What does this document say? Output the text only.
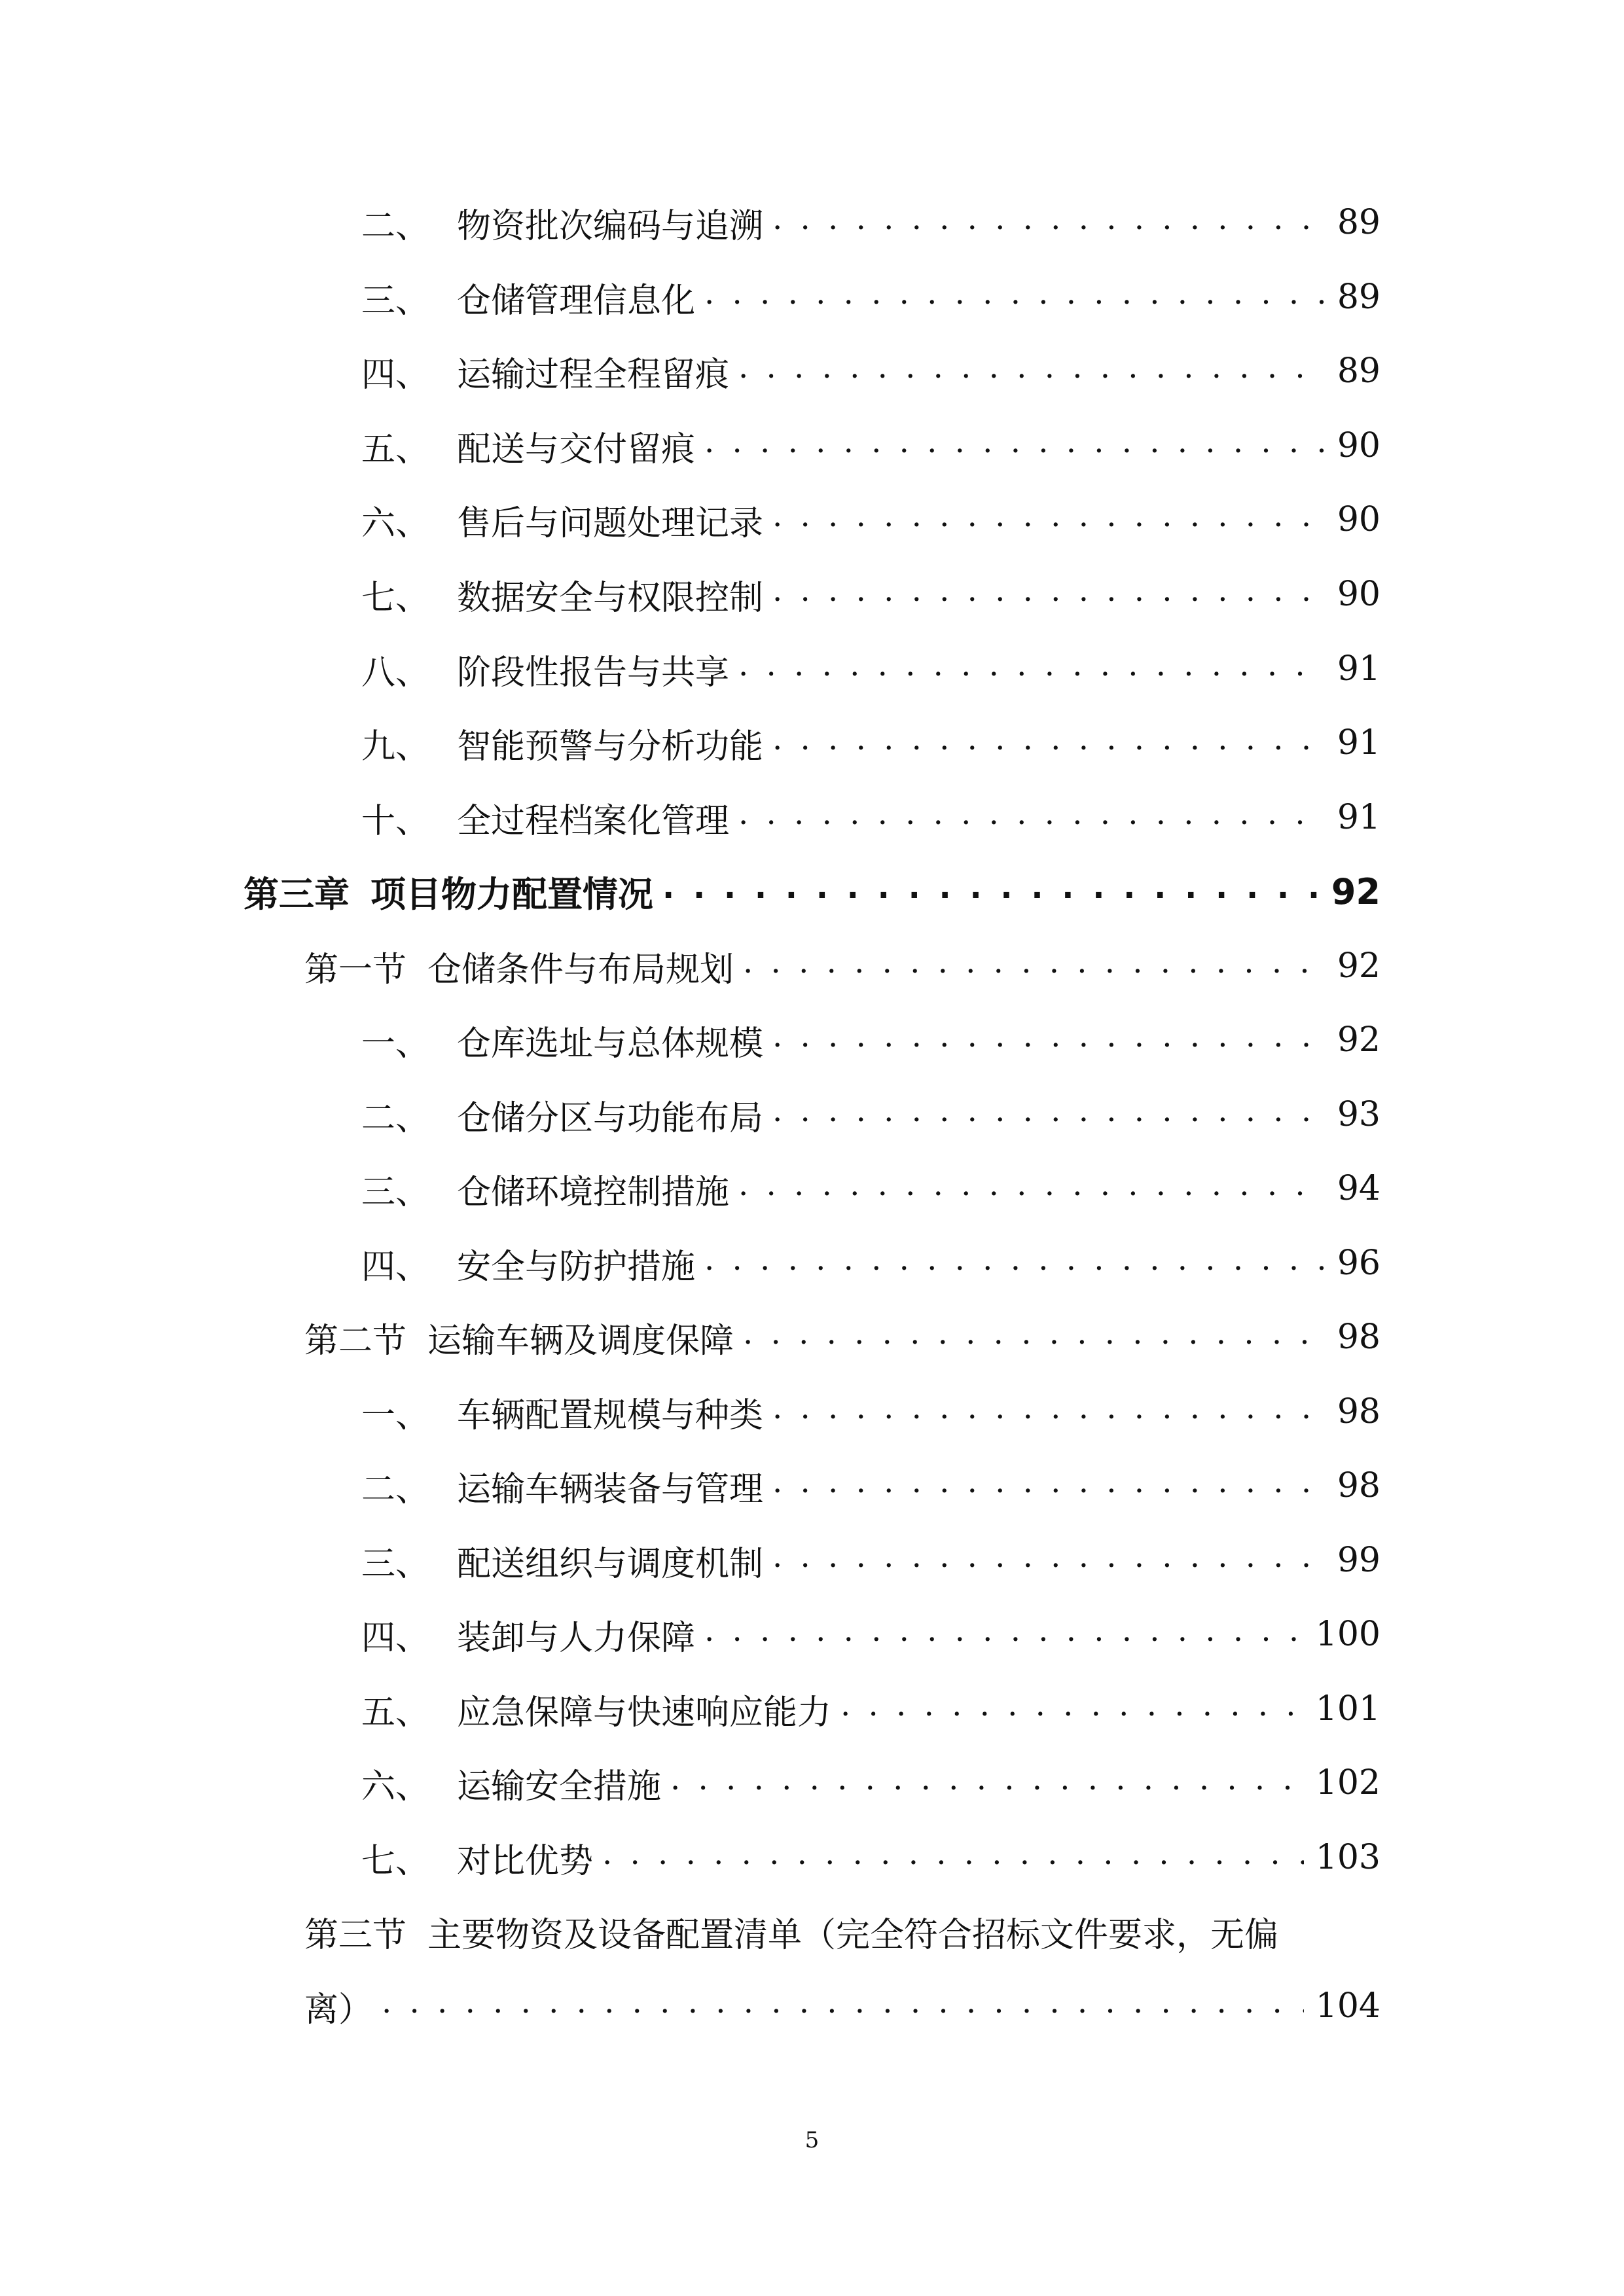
二、 物资批次编码与追溯 . . .	89
三、 仓储管理信息化 . . .	89
四、 运输过程全程留痕 . . .	89
五、 配送与交付留痕 . . .	90
六、 售后与问题处理记录 . . .	90
七、 数据安全与权限控制 . . .	90
八、 阶段性报告与共享 . . .	91
九、 智能预警与分析功能 . . .	91
十、 全过程档案化管理 . . .	91
第三章 项目物力配置情况 . . .	92
第一节 仓储条件与布局规划 . . .	92
一、 仓库选址与总体规模 . . .	92
二、 仓储分区与功能布局 . . .	93
三、 仓储环境控制措施 . . .	94
四、 安全与防护措施 . . .	96
第二节 运输车辆及调度保障 . . .	98
一、 车辆配置规模与种类 . . .	98
二、 运输车辆装备与管理 . . .	98
三、 配送组织与调度机制 . . .	99
四、 装卸与人力保障 . . .	100
五、 应急保障与快速响应能力 . . .	101
六、 运输安全措施 . . .	102
七、 对比优势 . . .	103
第三节 主要物资及设备配置清单（完全符合招标文件要求，无偏
离） . . .	104
5
